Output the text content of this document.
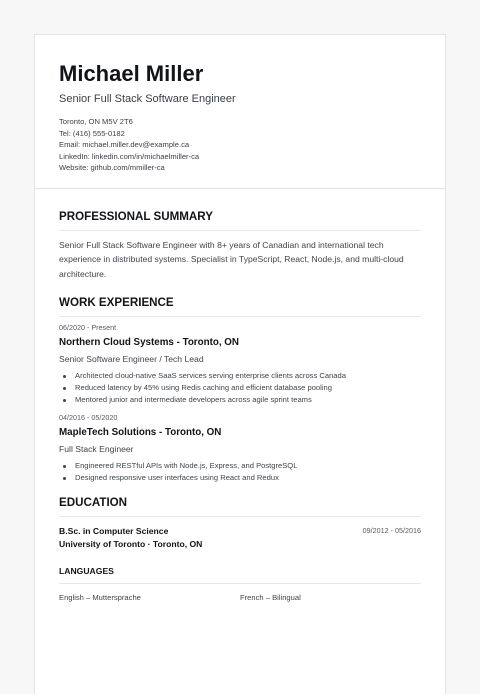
Michael Miller
Senior Full Stack Software Engineer
Toronto, ON M5V 2T6
Tel: (416) 555-0182
Email: michael.miller.dev@example.ca
LinkedIn: linkedin.com/in/michaelmiller-ca
Website: github.com/mmiller-ca
PROFESSIONAL SUMMARY
Senior Full Stack Software Engineer with 8+ years of Canadian and international tech experience in distributed systems. Specialist in TypeScript, React, Node.js, and multi-cloud architecture.
WORK EXPERIENCE
06/2020 - Present
Northern Cloud Systems - Toronto, ON
Senior Software Engineer / Tech Lead
Architected cloud-native SaaS services serving enterprise clients across Canada
Reduced latency by 45% using Redis caching and efficient database pooling
Mentored junior and intermediate developers across agile sprint teams
04/2016 - 05/2020
MapleTech Solutions - Toronto, ON
Full Stack Engineer
Engineered RESTful APIs with Node.js, Express, and PostgreSQL
Designed responsive user interfaces using React and Redux
EDUCATION
B.Sc. in Computer Science
University of Toronto · Toronto, ON
09/2012 - 05/2016
LANGUAGES
English – Muttersprache	French – Bilingual
